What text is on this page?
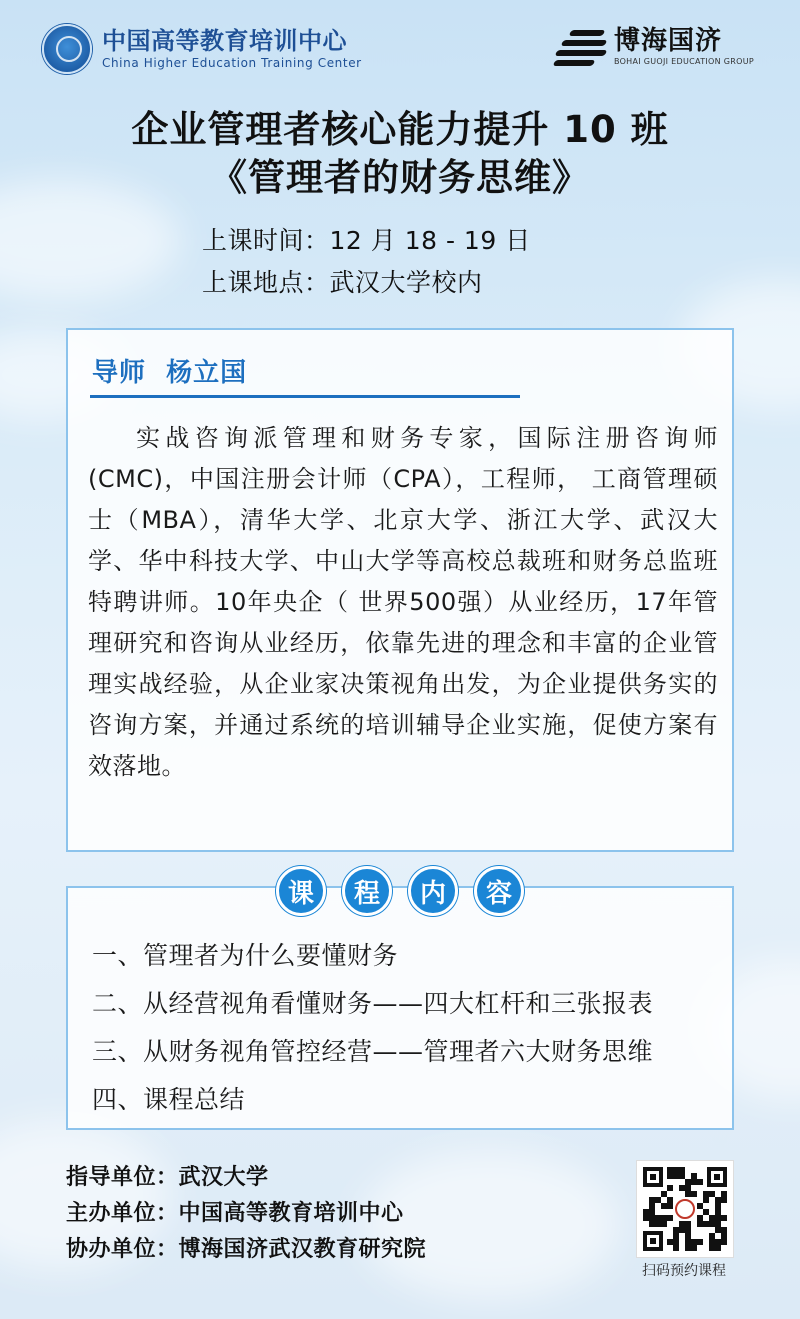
中国高等教育培训中心
China Higher Education Training Center
博海国济
BOHAI GUOJI EDUCATION GROUP
企业管理者核心能力提升 10 班
《管理者的财务思维》
上课时间：12 月 18 - 19 日
上课地点：武汉大学校内
导师  杨立国
实战咨询派管理和财务专家，国际注册咨询师(CMC)，中国注册会计师（CPA），工程师， 工商管理硕士（MBA），清华大学、北京大学、浙江大学、武汉大学、华中科技大学、中山大学等高校总裁班和财务总监班特聘讲师。10年央企（ 世界500强）从业经历，17年管理研究和咨询从业经历，依靠先进的理念和丰富的企业管理实战经验，从企业家决策视角出发，为企业提供务实的咨询方案，并通过系统的培训辅导企业实施，促使方案有效落地。
一、管理者为什么要懂财务
二、从经营视角看懂财务——四大杠杆和三张报表
三、从财务视角管控经营——管理者六大财务思维
四、课程总结
课	程	内	容
指导单位：武汉大学
主办单位：中国高等教育培训中心
协办单位：博海国济武汉教育研究院
扫码预约课程
